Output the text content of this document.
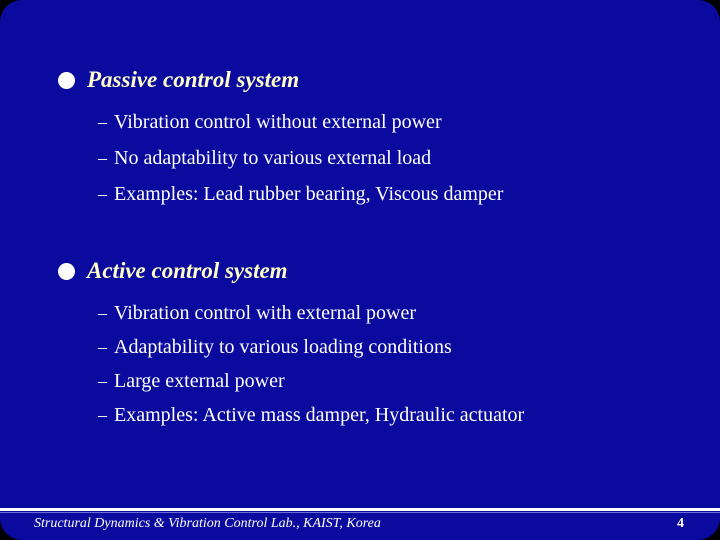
Passive control system
– Vibration control without external power
– No adaptability to various external load
– Examples: Lead rubber bearing, Viscous damper
Active control system
– Vibration control with external power
– Adaptability to various loading conditions
– Large external power
– Examples: Active mass damper, Hydraulic actuator
Structural Dynamics & Vibration Control Lab., KAIST, Korea	4
